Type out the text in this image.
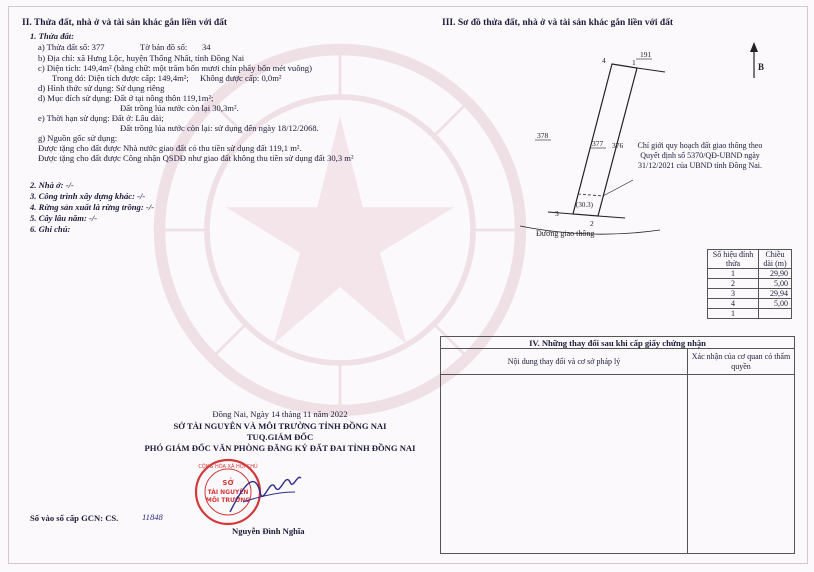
II. Thửa đất, nhà ở và tài sản khác gắn liền với đất
1. Thửa đất:
a) Thửa đất số: 377	Tờ bản đồ số: 34
b) Địa chỉ: xã Hưng Lộc, huyện Thống Nhất, tỉnh Đồng Nai
c) Diện tích: 149,4m² (bằng chữ: một trăm bốn mươi chín phẩy bốn mét vuông)
Trong đó: Diện tích được cấp: 149,4m²; Không được cấp: 0,0m²
d) Hình thức sử dụng: Sử dụng riêng
d) Mục đích sử dụng: Đất ở tại nông thôn 119,1m²;
Đất trồng lúa nước còn lại 30,3m².
e) Thời hạn sử dụng: Đất ở: Lâu dài;
Đất trồng lúa nước còn lại: sử dụng đến ngày 18/12/2068.
g) Nguồn gốc sử dụng:
Được tặng cho đất được Nhà nước giao đất có thu tiền sử dụng đất 119,1 m².
Được tặng cho đất được Công nhận QSDĐ như giao đất không thu tiền sử dụng đất 30,3 m²
2. Nhà ở: -/-
3. Công trình xây dựng khác: -/-
4. Rừng sản xuất là rừng trồng: -/-
5. Cây lâu năm: -/-
6. Ghi chú:
Đồng Nai, Ngày 14 tháng 11 năm 2022
SỞ TÀI NGUYÊN VÀ MÔI TRƯỜNG TỈNH ĐỒNG NAI
TUQ.GIÁM ĐỐC
PHÓ GIÁM ĐỐC VĂN PHÒNG ĐĂNG KÝ ĐẤT ĐAI TỈNH ĐỒNG NAI
CỘNG HÒA XÃ HỘI CHỦ
SỞ
TÀI NGUYÊN
MÔI TRƯỜNG
Số vào sổ cấp GCN: CS.	11848
Nguyễn Đình Nghĩa
III. Sơ đồ thửa đất, nhà ở và tài sản khác gắn liền với đất
B
191
378
377 376
(30.3)
1
4
2
3
Đường giao thông
Chỉ giới quy hoạch đất giao thông theo
Quyết định số 5370/QĐ-UBND ngày
31/12/2021 của UBND tỉnh Đồng Nai.
Số hiệu đỉnh thửa	Chiều dài (m)
1	29,90
2	5,00
3	29,94
4	5,00
1	
IV. Những thay đổi sau khi cấp giấy chứng nhận	
Nội dung thay đổi và cơ sở pháp lý	Xác nhận của cơ quan có thẩm quyền
